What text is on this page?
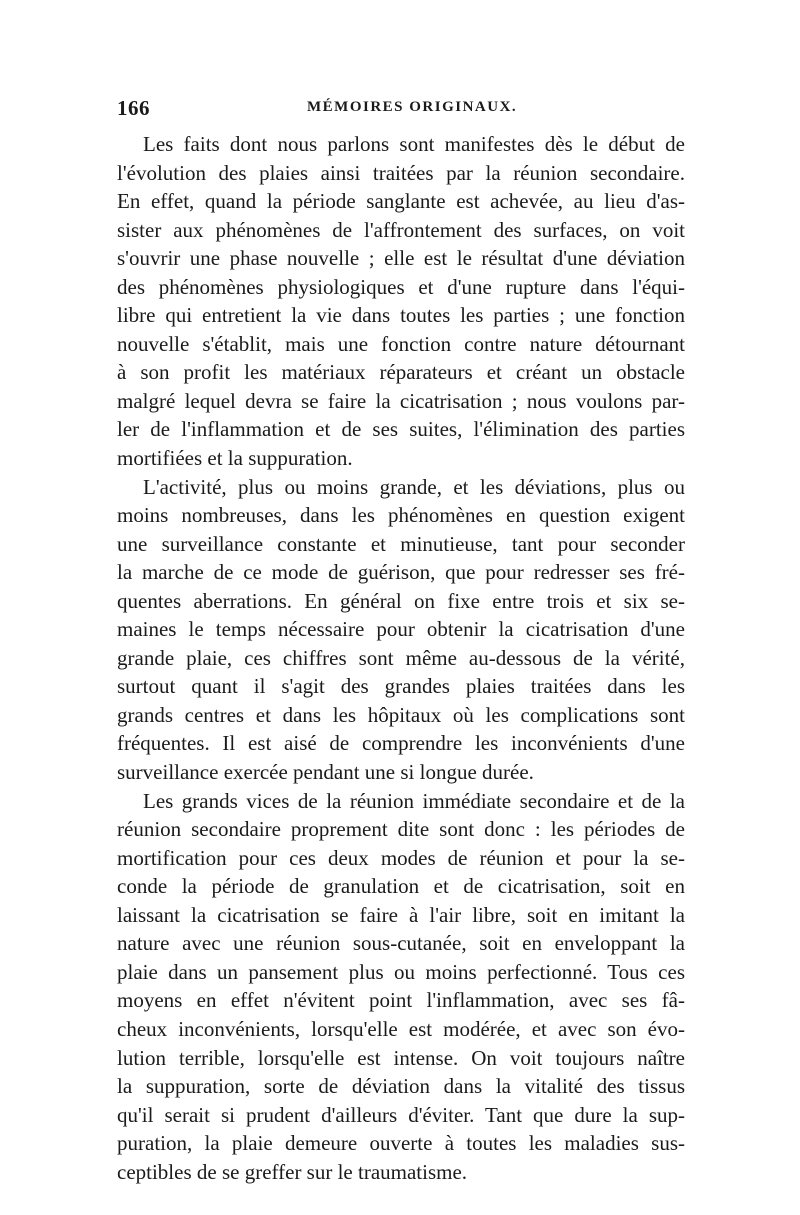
166	MÉMOIRES ORIGINAUX.
Les faits dont nous parlons sont manifestes dès le début de
l'évolution des plaies ainsi traitées par la réunion secondaire.
En effet, quand la période sanglante est achevée, au lieu d'as-
sister aux phénomènes de l'affrontement des surfaces, on voit
s'ouvrir une phase nouvelle ; elle est le résultat d'une déviation
des phénomènes physiologiques et d'une rupture dans l'équi-
libre qui entretient la vie dans toutes les parties ; une fonction
nouvelle s'établit, mais une fonction contre nature détournant
à son profit les matériaux réparateurs et créant un obstacle
malgré lequel devra se faire la cicatrisation ; nous voulons par-
ler de l'inflammation et de ses suites, l'élimination des parties
mortifiées et la suppuration.
L'activité, plus ou moins grande, et les déviations, plus ou
moins nombreuses, dans les phénomènes en question exigent
une surveillance constante et minutieuse, tant pour seconder
la marche de ce mode de guérison, que pour redresser ses fré-
quentes aberrations. En général on fixe entre trois et six se-
maines le temps nécessaire pour obtenir la cicatrisation d'une
grande plaie, ces chiffres sont même au-dessous de la vérité,
surtout quant il s'agit des grandes plaies traitées dans les
grands centres et dans les hôpitaux où les complications sont
fréquentes. Il est aisé de comprendre les inconvénients d'une
surveillance exercée pendant une si longue durée.
Les grands vices de la réunion immédiate secondaire et de la
réunion secondaire proprement dite sont donc : les périodes de
mortification pour ces deux modes de réunion et pour la se-
conde la période de granulation et de cicatrisation, soit en
laissant la cicatrisation se faire à l'air libre, soit en imitant la
nature avec une réunion sous-cutanée, soit en enveloppant la
plaie dans un pansement plus ou moins perfectionné. Tous ces
moyens en effet n'évitent point l'inflammation, avec ses fâ-
cheux inconvénients, lorsqu'elle est modérée, et avec son évo-
lution terrible, lorsqu'elle est intense. On voit toujours naître
la suppuration, sorte de déviation dans la vitalité des tissus
qu'il serait si prudent d'ailleurs d'éviter. Tant que dure la sup-
puration, la plaie demeure ouverte à toutes les maladies sus-
ceptibles de se greffer sur le traumatisme.
